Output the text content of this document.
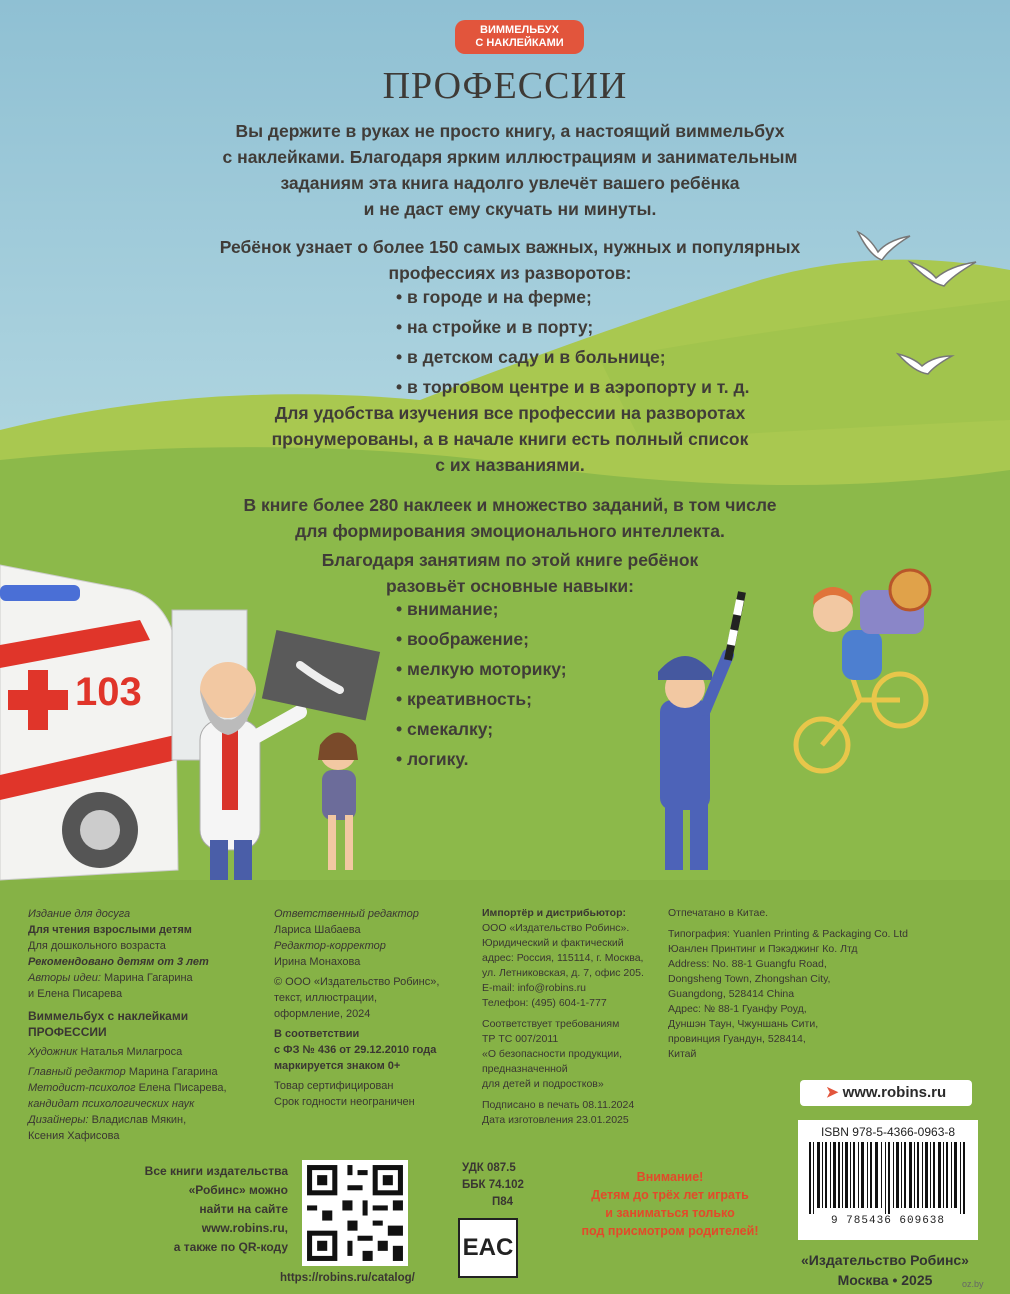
103
ВИММЕЛЬБУХ
С НАКЛЕЙКАМИ
ПРОФЕССИИ

Вы держите в руках не просто книгу, а настоящий виммельбух

с наклейками. Благодаря ярким иллюстрациям и занимательным

заданиям эта книга надолго увлечёт вашего ребёнка

и не даст ему скучать ни минуты.

Ребёнок узнает о более 150 самых важных, нужных и популярных

профессиях из разворотов:

• в городе и на ферме;
• на стройке и в порту;
• в детском саду и в больнице;
• в торговом центре и в аэропорту и т. д.

Для удобства изучения все профессии на разворотах

пронумерованы, а в начале книги есть полный список

с их названиями.

В книге более 280 наклеек и множество заданий, в том числе

для формирования эмоционального интеллекта.

Благодаря занятиям по этой книге ребёнок

разовьёт основные навыки:

• внимание;
• воображение;
• мелкую моторику;
• креативность;
• смекалку;
• логику.
Издание для досуга
Для чтения взрослыми детям
Для дошкольного возраста
Рекомендовано детям от 3 лет
Авторы идеи: Марина Гагарина
и Елена Писарева
Виммельбух с наклейками
ПРОФЕССИИ
Художник Наталья Милагроса
Главный редактор Марина Гагарина
Методист-психолог Елена Писарева,
кандидат психологических наук
Дизайнеры: Владислав Мякин,
Ксения Хафисова
Ответственный редактор
Лариса Шабаева
Редактор-корректор
Ирина Монахова
© ООО «Издательство Робинс»,
текст, иллюстрации,
оформление, 2024
В соответствии
с ФЗ № 436 от 29.12.2010 года
маркируется знаком 0+
Товар сертифицирован
Срок годности неограничен
Импортёр и дистрибьютор:
ООО «Издательство Робинс».
Юридический и фактический
адрес: Россия, 115114, г. Москва,
ул. Летниковская, д. 7, офис 205.
E-mail: info@robins.ru
Телефон: (495) 604-1-777
Соответствует требованиям
ТР ТС 007/2011
«О безопасности продукции,
предназначенной
для детей и подростков»
Подписано в печать 08.11.2024
Дата изготовления 23.01.2025
Отпечатано в Китае.
Типография: Yuanlen Printing & Packaging Co. Ltd
Юанлен Принтинг и Пэкэджинг Ко. Лтд
Address: No. 88-1 Guangfu Road,
Dongsheng Town, Zhongshan City,
Guangdong, 528414 China
Адрес: № 88-1 Гуанфу Роуд,
Дуншэн Таун, Чжуншань Сити,
провинция Гуандун, 528414,
Китай
➤ www.robins.ru
ISBN 978-5-4366-0963-8
9 785436 609638
Все книги издательства
«Робинс» можно
найти на сайте
www.robins.ru,
а также по QR-коду
https://robins.ru/catalog/
УДК 087.5
ББК 74.102
П84
EAC
Внимание!
Детям до трёх лет играть
и заниматься только
под присмотром родителей!
«Издательство Робинс»
Москва • 2025	oz.by
